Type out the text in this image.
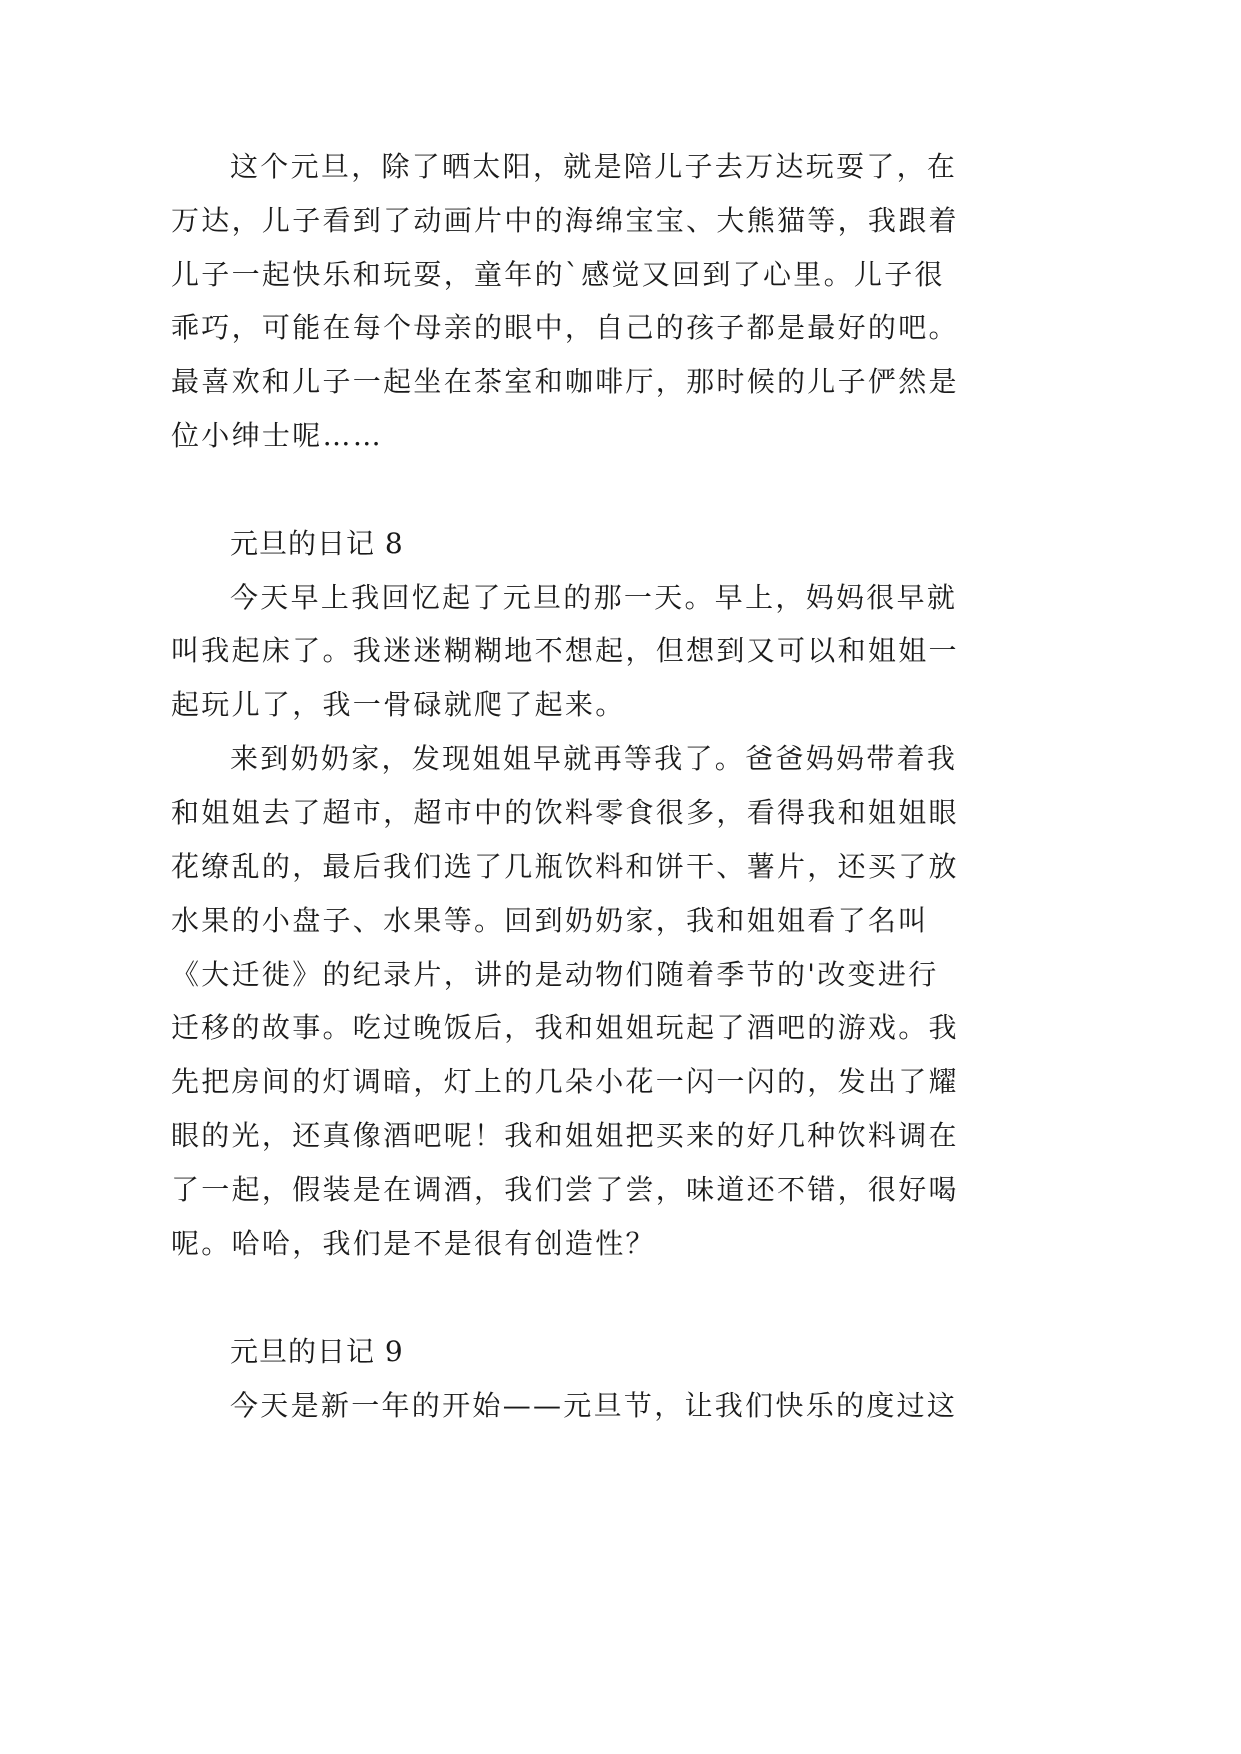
这个元旦，除了晒太阳，就是陪儿子去万达玩耍了，在
万达，儿子看到了动画片中的海绵宝宝、大熊猫等，我跟着
儿子一起快乐和玩耍，童年的`感觉又回到了心里。儿子很
乖巧，可能在每个母亲的眼中，自己的孩子都是最好的吧。
最喜欢和儿子一起坐在茶室和咖啡厅，那时候的儿子俨然是
位小绅士呢……
元旦的日记 8
今天早上我回忆起了元旦的那一天。早上，妈妈很早就
叫我起床了。我迷迷糊糊地不想起，但想到又可以和姐姐一
起玩儿了，我一骨碌就爬了起来。
来到奶奶家，发现姐姐早就再等我了。爸爸妈妈带着我
和姐姐去了超市，超市中的饮料零食很多，看得我和姐姐眼
花缭乱的，最后我们选了几瓶饮料和饼干、薯片，还买了放
水果的小盘子、水果等。回到奶奶家，我和姐姐看了名叫
《大迁徙》的纪录片，讲的是动物们随着季节的'改变进行
迁移的故事。吃过晚饭后，我和姐姐玩起了酒吧的游戏。我
先把房间的灯调暗，灯上的几朵小花一闪一闪的，发出了耀
眼的光，还真像酒吧呢！我和姐姐把买来的好几种饮料调在
了一起，假装是在调酒，我们尝了尝，味道还不错，很好喝
呢。哈哈，我们是不是很有创造性？
元旦的日记 9
今天是新一年的开始——元旦节，让我们快乐的度过这
